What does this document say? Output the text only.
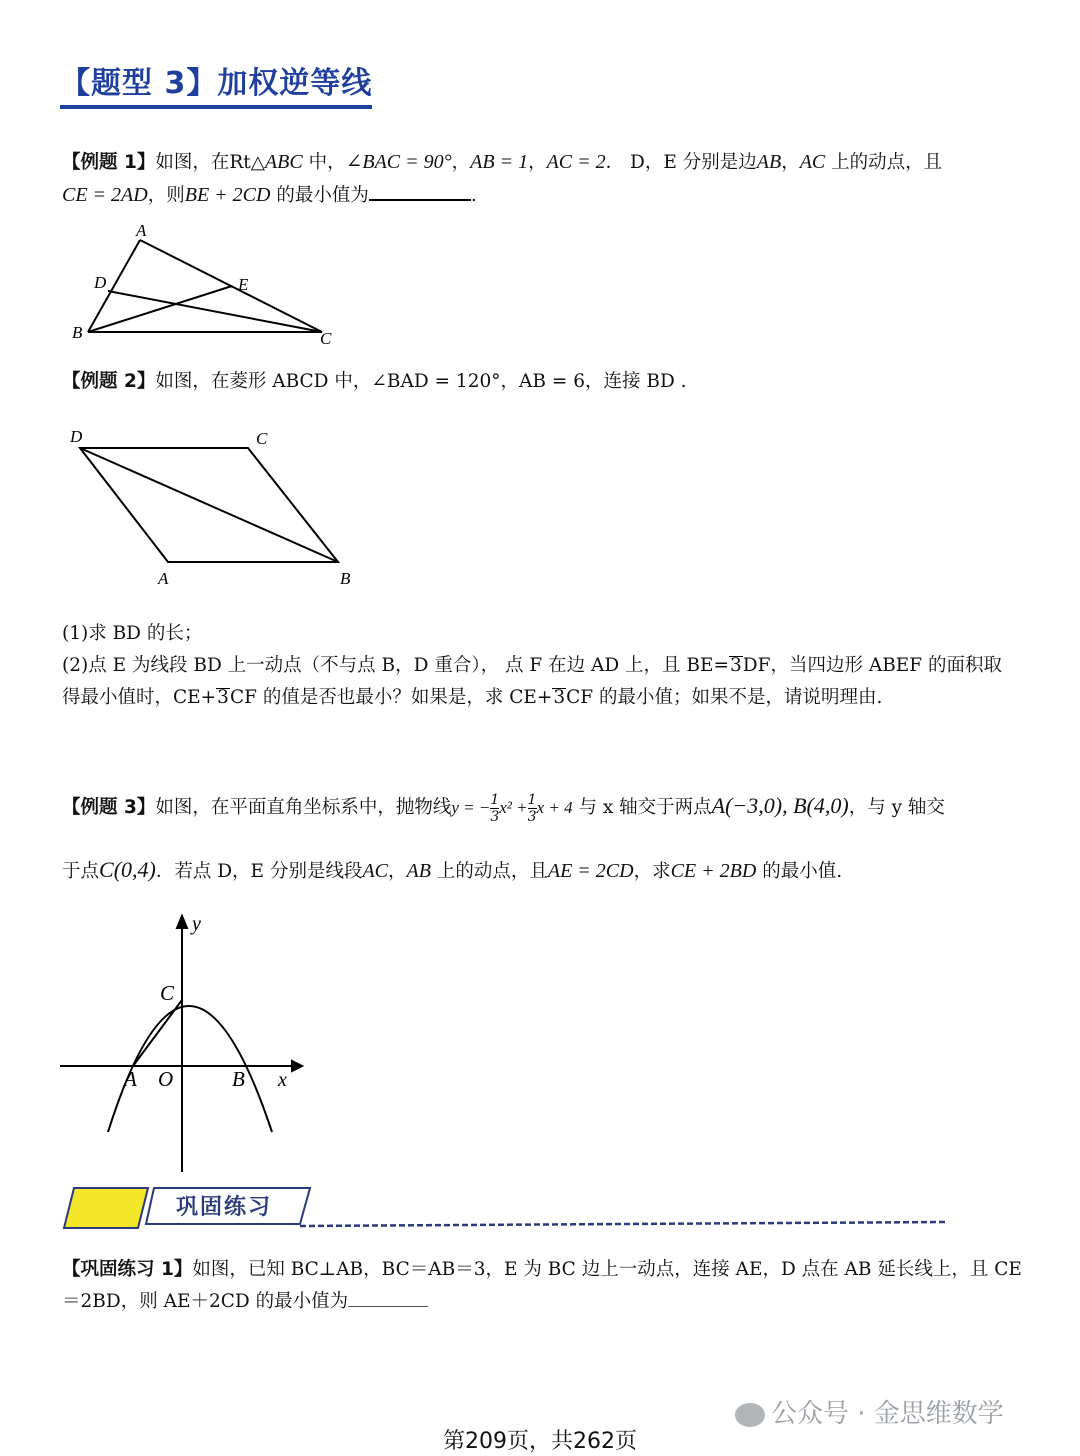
【题型 3】加权逆等线
【例题 1】如图，在Rt△ABC 中，∠BAC = 90°，AB = 1，AC = 2． D，E 分别是边AB，AC 上的动点，且
CE = 2AD，则BE + 2CD 的最小值为	.
A
D	E
B	C
【例题 2】如图，在菱形 ABCD 中，∠BAD = 120°，AB = 6，连接 BD .
D	C
A	B
(1)求 BD 的长；
(2)点 E 为线段 BD 上一动点（不与点 B，D 重合）， 点 F 在边 AD 上，且 BE=3DF，当四边形 ABEF 的面积取
得最小值时，CE+3CF 的值是否也最小？如果是，求 CE+3CF 的最小值；如果不是，请说明理由.
【例题 3】如图，在平面直角坐标系中，抛物线y = − $\frac{1}{3} x^2 + \frac{1}{3}$ x + 4 与 x 轴交于两点A(−3,0), B(4,0)，与 y 轴交
于点C(0,4)．若点 D，E 分别是线段AC，AB 上的动点，且AE = 2CD，求CE + 2BD 的最小值.
y
x
C
A O	B
巩固练习
【巩固练习 1】如图，已知 BC⊥AB，BC＝AB＝3，E 为 BC 边上一动点，连接 AE，D 点在 AB 延长线上，且 CE
＝2BD，则 AE＋2CD 的最小值为
公众号 · 金思维数学
第209页，共262页
